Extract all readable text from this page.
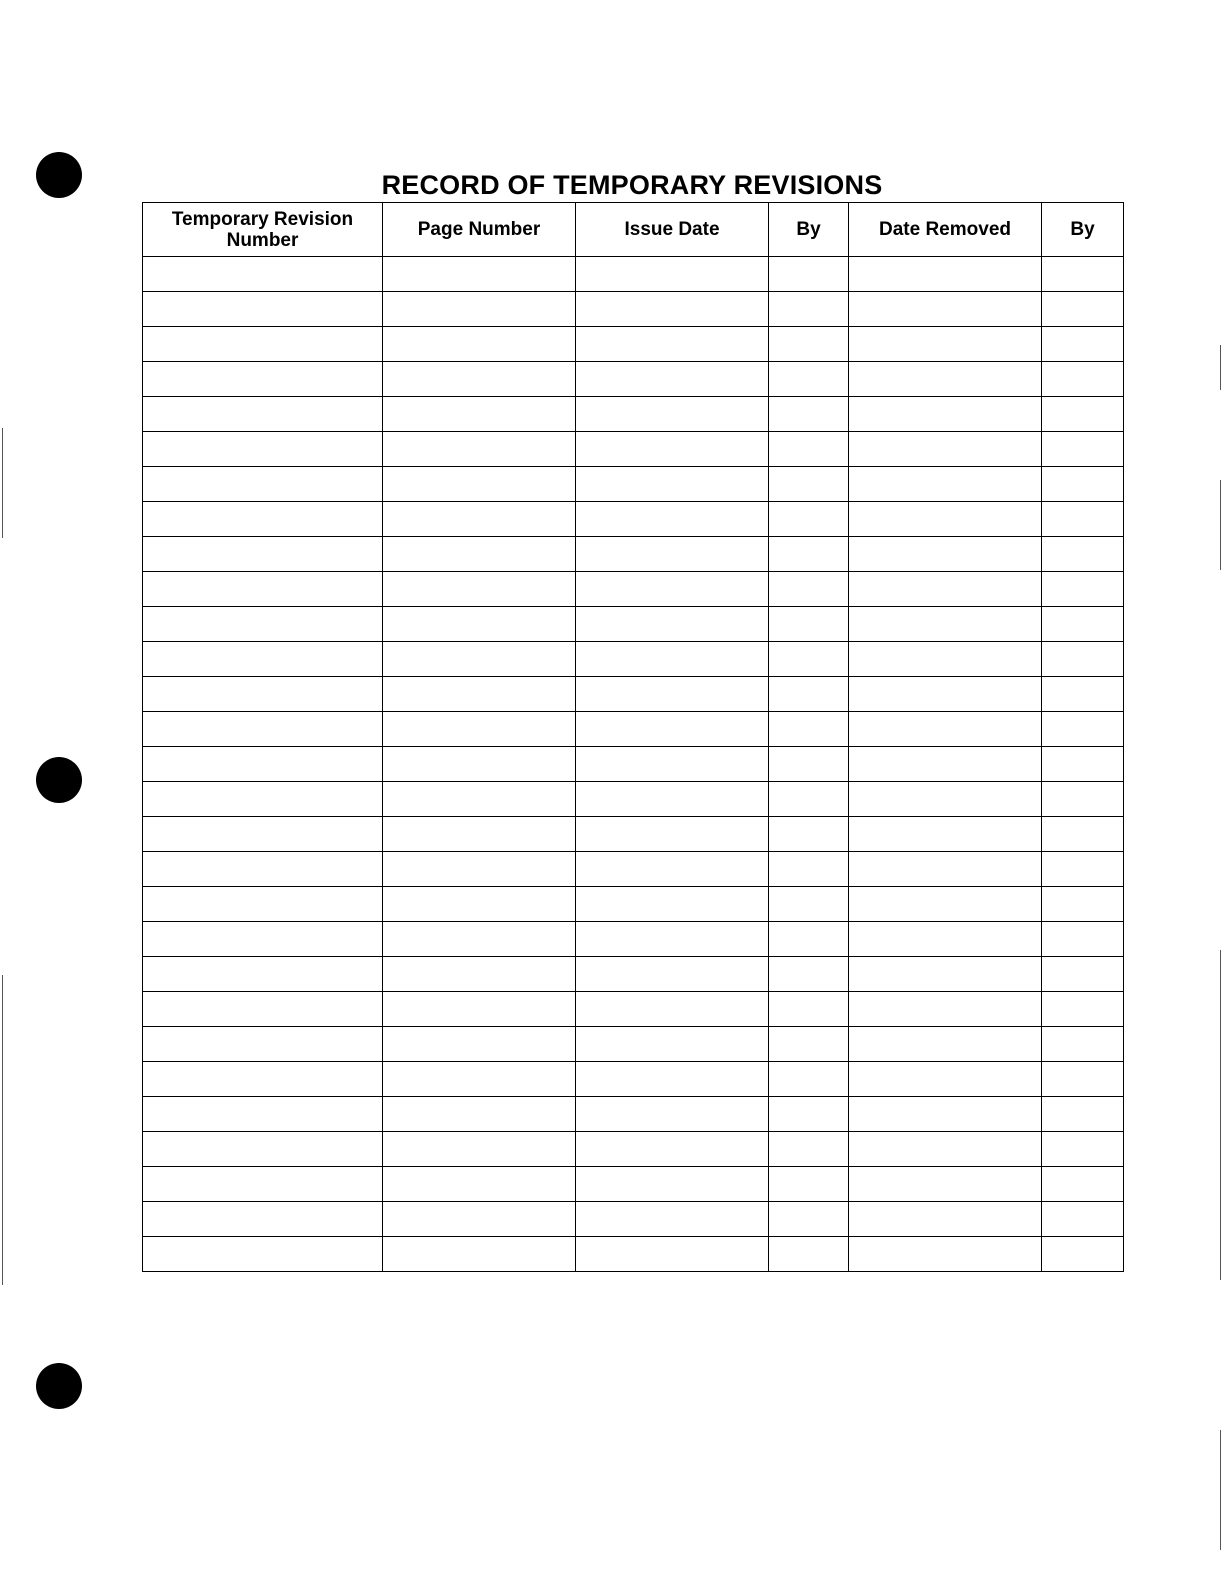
RECORD OF TEMPORARY REVISIONS
Temporary Revision Number	Page Number	Issue Date	By	Date Removed	By
